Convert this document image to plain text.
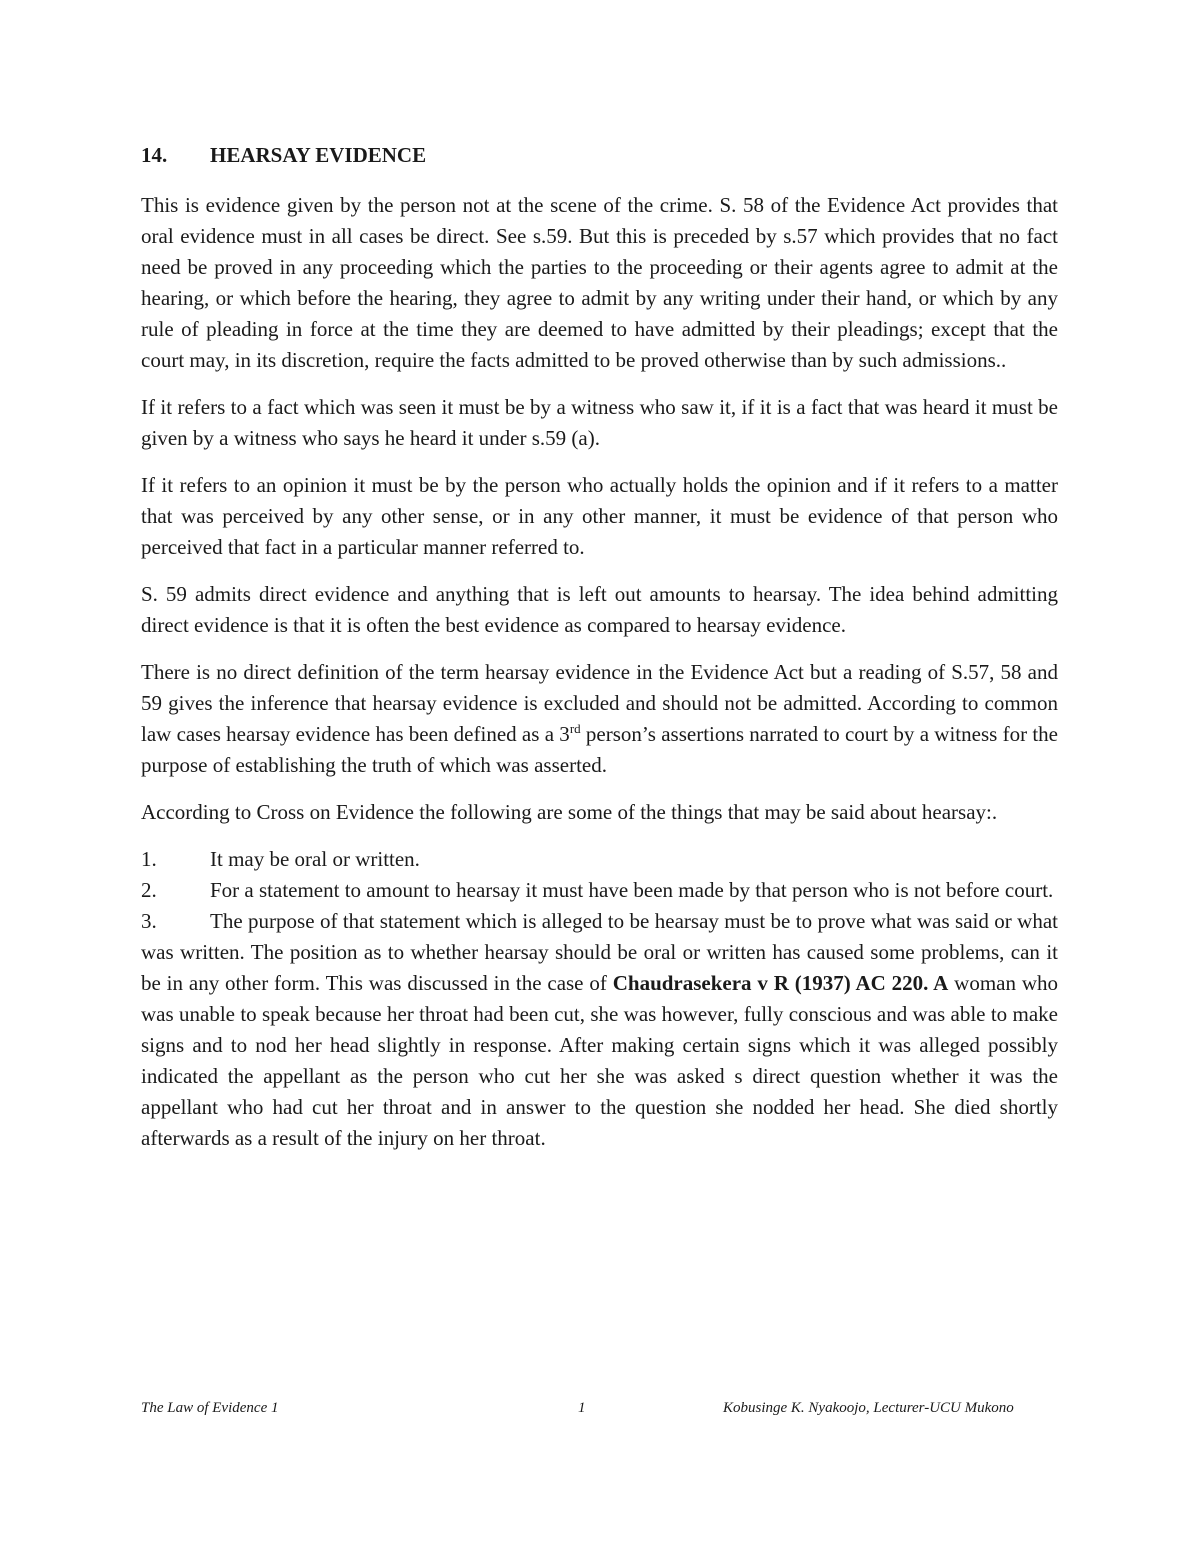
14.	HEARSAY EVIDENCE

This is evidence given by the person not at the scene of the crime. S. 58 of the Evidence Act provides that oral evidence must in all cases be direct. See s.59. But this is preceded by s.57 which provides that no fact need be proved in any proceeding which the parties to the proceeding or their agents agree to admit at the hearing, or which before the hearing, they agree to admit by any writing under their hand, or which by any rule of pleading in force at the time they are deemed to have admitted by their pleadings; except that the court may, in its discretion, require the facts admitted to be proved otherwise than by such admissions..

If it refers to a fact which was seen it must be by a witness who saw it, if it is a fact that was heard it must be given by a witness who says he heard it under s.59 (a).

If it refers to an opinion it must be by the person who actually holds the opinion and if it refers to a matter that was perceived by any other sense, or in any other manner, it must be evidence of that person who perceived that fact in a particular manner referred to.

S. 59 admits direct evidence and anything that is left out amounts to hearsay. The idea behind admitting direct evidence is that it is often the best evidence as compared to hearsay evidence.

There is no direct definition of the term hearsay evidence in the Evidence Act but a reading of S.57, 58 and 59 gives the inference that hearsay evidence is excluded and should not be admitted. According to common law cases hearsay evidence has been defined as a 3rd person’s assertions narrated to court by a witness for the purpose of establishing the truth of which was asserted.

According to Cross on Evidence the following are some of the things that may be said about hearsay:.

1.	It may be oral or written.

2.	For a statement to amount to hearsay it must have been made by that person who is not before court.

3.	The purpose of that statement which is alleged to be hearsay must be to prove what was said or what was written. The position as to whether hearsay should be oral or written has caused some problems, can it be in any other form. This was discussed in the case of Chaudrasekera v R (1937) AC 220. A woman who was unable to speak because her throat had been cut, she was however, fully conscious and was able to make signs and to nod her head slightly in response. After making certain signs which it was alleged possibly indicated the appellant as the person who cut her she was asked s direct question whether it was the appellant who had cut her throat and in answer to the question she nodded her head. She died shortly afterwards as a result of the injury on her throat.

The Law of Evidence 1	1	Kobusinge K. Nyakoojo, Lecturer-UCU Mukono
